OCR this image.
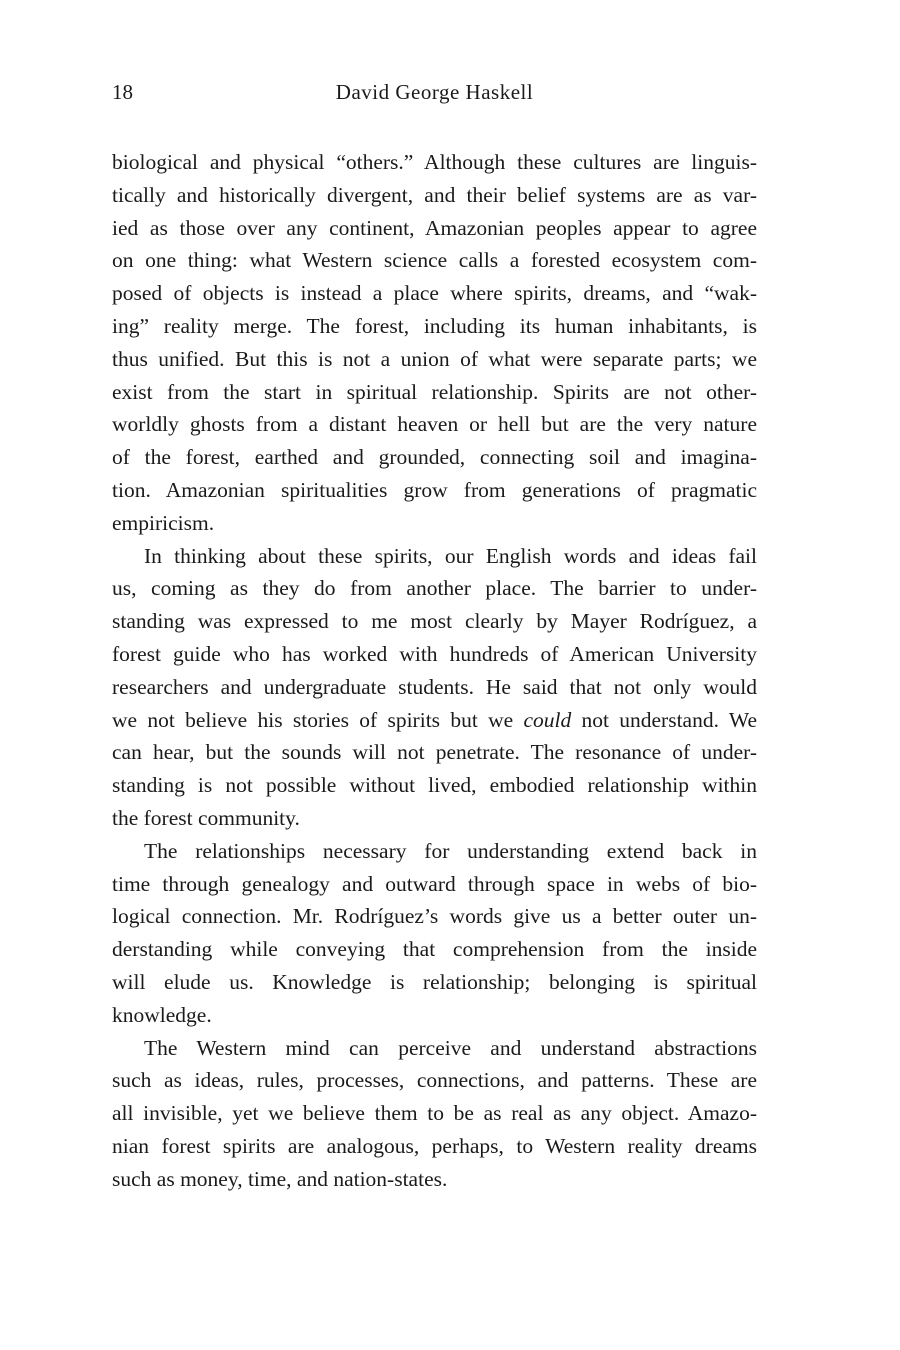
18	David George Haskell

biological and physical “others.” Although these cultures are linguis-
tically and historically divergent, and their belief systems are as var-
ied as those over any continent, Amazonian peoples appear to agree
on one thing: what Western science calls a forested ecosystem com-
posed of objects is instead a place where spirits, dreams, and “wak-
ing” reality merge. The forest, including its human inhabitants, is
thus unified. But this is not a union of what were separate parts; we
exist from the start in spiritual relationship. Spirits are not other-
worldly ghosts from a distant heaven or hell but are the very nature
of the forest, earthed and grounded, connecting soil and imagina-
tion. Amazonian spiritualities grow from generations of pragmatic
empiricism.

In thinking about these spirits, our English words and ideas fail
us, coming as they do from another place. The barrier to under-
standing was expressed to me most clearly by Mayer Rodríguez, a
forest guide who has worked with hundreds of American University
researchers and undergraduate students. He said that not only would
we not believe his stories of spirits but we could not understand. We
can hear, but the sounds will not penetrate. The resonance of under-
standing is not possible without lived, embodied relationship within
the forest community.

The relationships necessary for understanding extend back in
time through genealogy and outward through space in webs of bio-
logical connection. Mr. Rodríguez’s words give us a better outer un-
derstanding while conveying that comprehension from the inside
will elude us. Knowledge is relationship; belonging is spiritual
knowledge.

The Western mind can perceive and understand abstractions
such as ideas, rules, processes, connections, and patterns. These are
all invisible, yet we believe them to be as real as any object. Amazo-
nian forest spirits are analogous, perhaps, to Western reality dreams
such as money, time, and nation-states.
